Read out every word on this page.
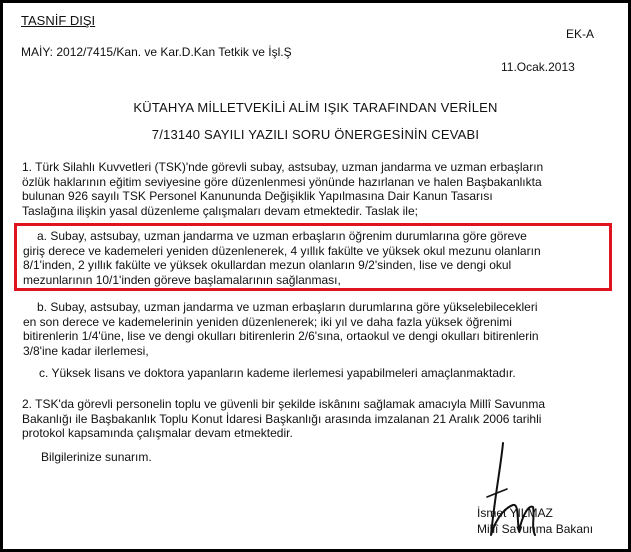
TASNİF DIŞI
EK-A
MAİY: 2012/7415/Kan. ve Kar.D.Kan Tetkik ve İşl.Ş
11.Ocak.2013
KÜTAHYA MİLLETVEKİLİ ALİM IŞIK TARAFINDAN VERİLEN
7/13140 SAYILI YAZILI SORU ÖNERGESİNİN CEVABI
1. Türk Silahlı Kuvvetleri (TSK)'nde görevli subay, astsubay, uzman jandarma ve uzman erbaşların
özlük haklarının eğitim seviyesine göre düzenlenmesi yönünde hazırlanan ve halen Başbakanlıkta
bulunan 926 sayılı TSK Personel Kanununda Değişiklik Yapılmasına Dair Kanun Tasarısı
Taslağına ilişkin yasal düzenleme çalışmaları devam etmektedir. Taslak ile;
a. Subay, astsubay, uzman jandarma ve uzman erbaşların öğrenim durumlarına göre göreve
giriş derece ve kademeleri yeniden düzenlenerek, 4 yıllık fakülte ve yüksek okul mezunu olanların
8/1'inden, 2 yıllık fakülte ve yüksek okullardan mezun olanların 9/2'sinden, lise ve dengi okul
mezunlarının 10/1'inden göreve başlamalarının sağlanması,
b. Subay, astsubay, uzman jandarma ve uzman erbaşların durumlarına göre yükselebilecekleri
en son derece ve kademelerinin yeniden düzenlenerek; iki yıl ve daha fazla yüksek öğrenimi
bitirenlerin 1/4'üne, lise ve dengi okulları bitirenlerin 2/6'sına, ortaokul ve dengi okulları bitirenlerin
3/8'ine kadar ilerlemesi,
c. Yüksek lisans ve doktora yapanların kademe ilerlemesi yapabilmeleri amaçlanmaktadır.
2. TSK'da görevli personelin toplu ve güvenli bir şekilde iskânını sağlamak amacıyla Millî Savunma
Bakanlığı ile Başbakanlık Toplu Konut İdaresi Başkanlığı arasında imzalanan 21 Aralık 2006 tarihli
protokol kapsamında çalışmalar devam etmektedir.
Bilgilerinize sunarım.
İsmet YILMAZ
Millî Savunma Bakanı
